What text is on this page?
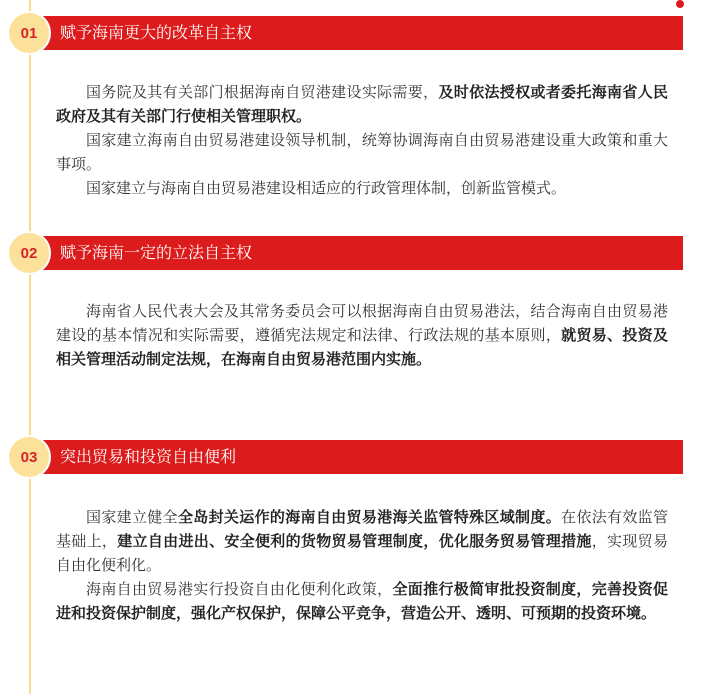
赋予海南更大的改革自主权
01

国务院及其有关部门根据海南自贸港建设实际需要，及时依法授权或者委托海南省人民政府及其有关部门行使相关管理职权。

国家建立海南自由贸易港建设领导机制，统筹协调海南自由贸易港建设重大政策和重大事项。

国家建立与海南自由贸易港建设相适应的行政管理体制，创新监管模式。

赋予海南一定的立法自主权
02

海南省人民代表大会及其常务委员会可以根据海南自由贸易港法，结合海南自由贸易港建设的基本情况和实际需要，遵循宪法规定和法律、行政法规的基本原则，就贸易、投资及相关管理活动制定法规，在海南自由贸易港范围内实施。

突出贸易和投资自由便利
03

国家建立健全全岛封关运作的海南自由贸易港海关监管特殊区域制度。在依法有效监管基础上，建立自由进出、安全便利的货物贸易管理制度，优化服务贸易管理措施，实现贸易自由化便利化。

海南自由贸易港实行投资自由化便利化政策，全面推行极简审批投资制度，完善投资促进和投资保护制度，强化产权保护，保障公平竞争，营造公开、透明、可预期的投资环境。
